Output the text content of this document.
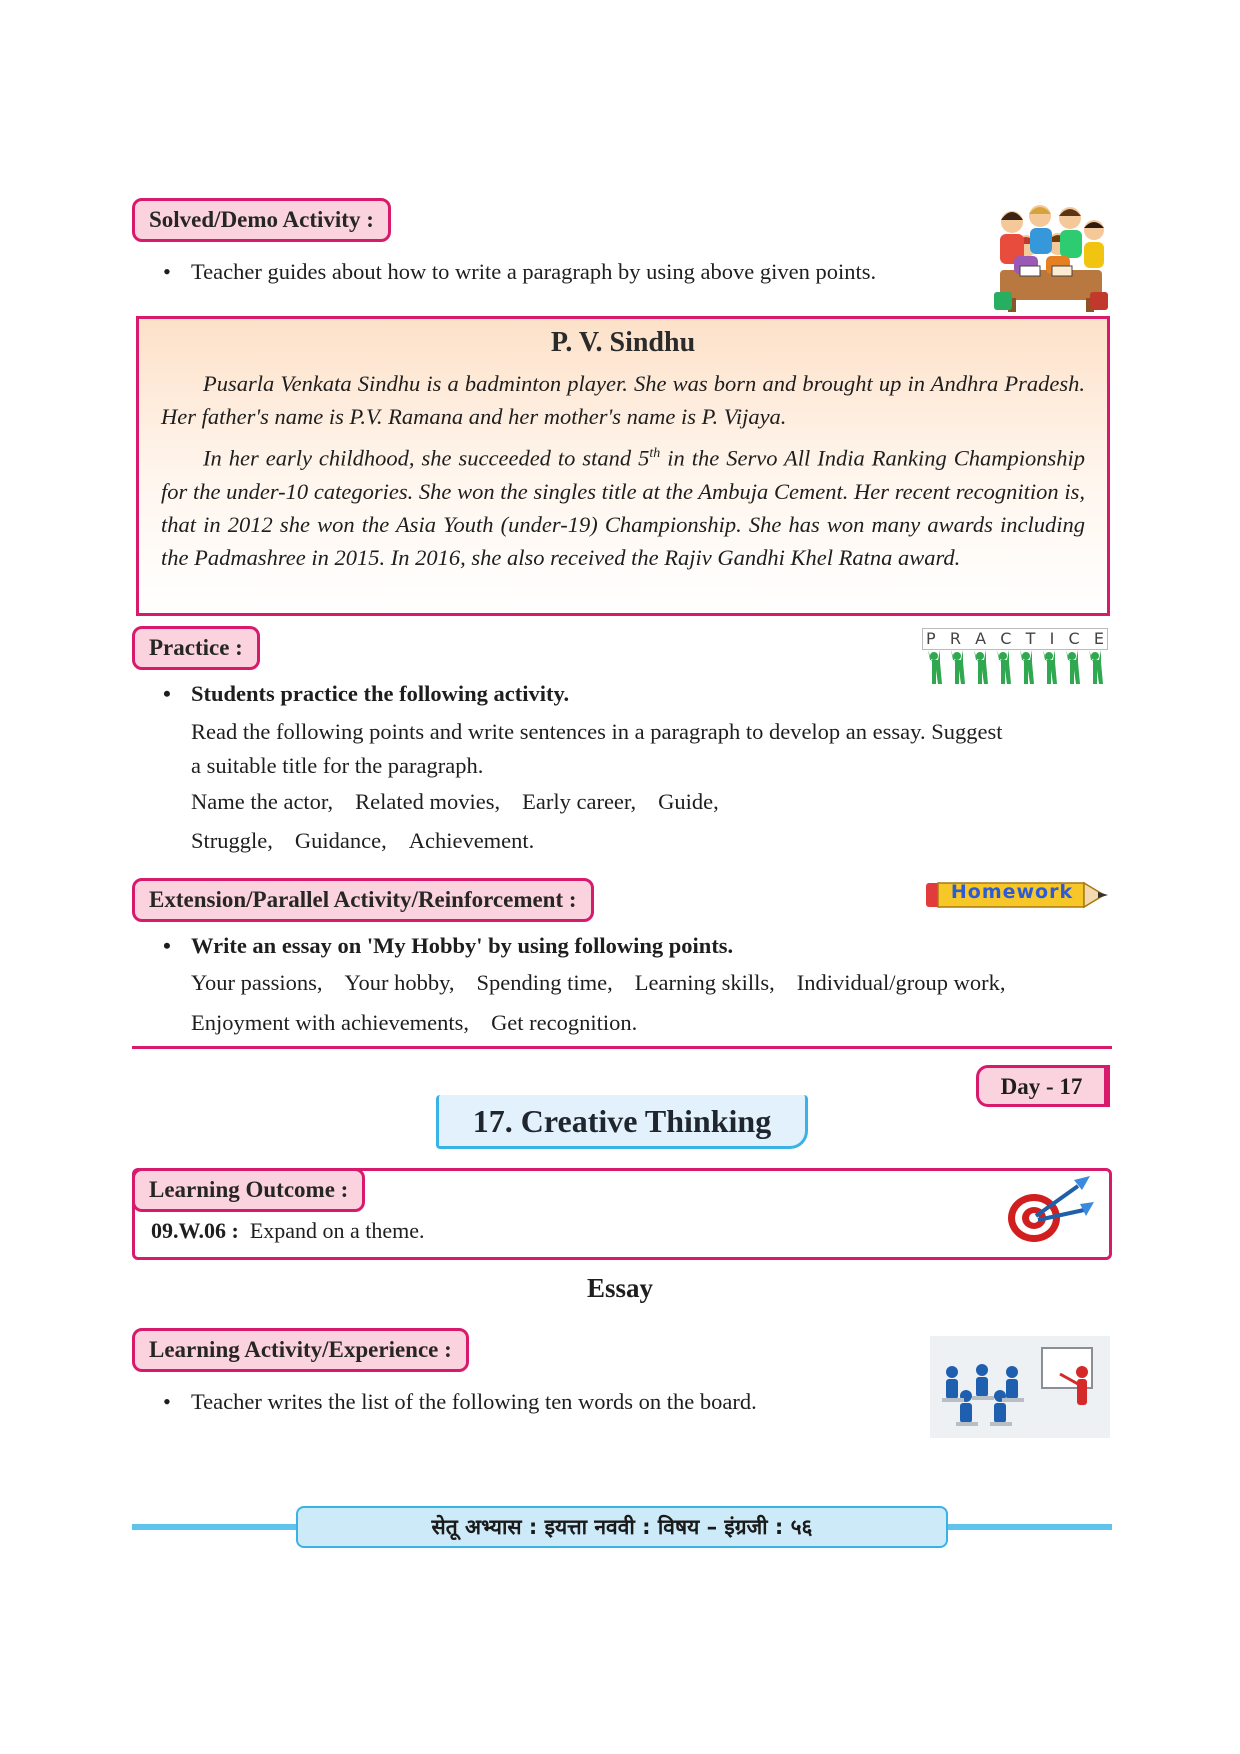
Solved/Demo Activity :
• Teacher guides about how to write a paragraph by using above given points.
P. V. Sindhu

Pusarla Venkata Sindhu is a badminton player. She was born and brought up in Andhra Pradesh. Her father's name is P.V. Ramana and her mother's name is P. Vijaya.

In her early childhood, she succeeded to stand 5th in the Servo All India Ranking Championship for the under-10 categories. She won the singles title at the Ambuja Cement. Her recent recognition is, that in 2012 she won the Asia Youth (under-19) Championship. She has won many awards including the Padmashree in 2015. In 2016, she also received the Rajiv Gandhi Khel Ratna award.

Practice :	P R A C T I C E
• Students practice the following activity.
Read the following points and write sentences in a paragraph to develop an essay. Suggest
a suitable title for the paragraph.
Name the actor, Related movies, Early career, Guide,
Struggle, Guidance, Achievement.
Extension/Parallel Activity/Reinforcement :	Homework
• Write an essay on 'My Hobby' by using following points.
Your passions, Your hobby, Spending time, Learning skills, Individual/group work,
Enjoyment with achievements, Get recognition.
Day - 17
17. Creative Thinking
Learning Outcome :
09.W.06 : Expand on a theme.
Essay
Learning Activity/Experience :
• Teacher writes the list of the following ten words on the board.
सेतू अभ्यास : इयत्ता नववी : विषय – इंग्रजी : ५६
